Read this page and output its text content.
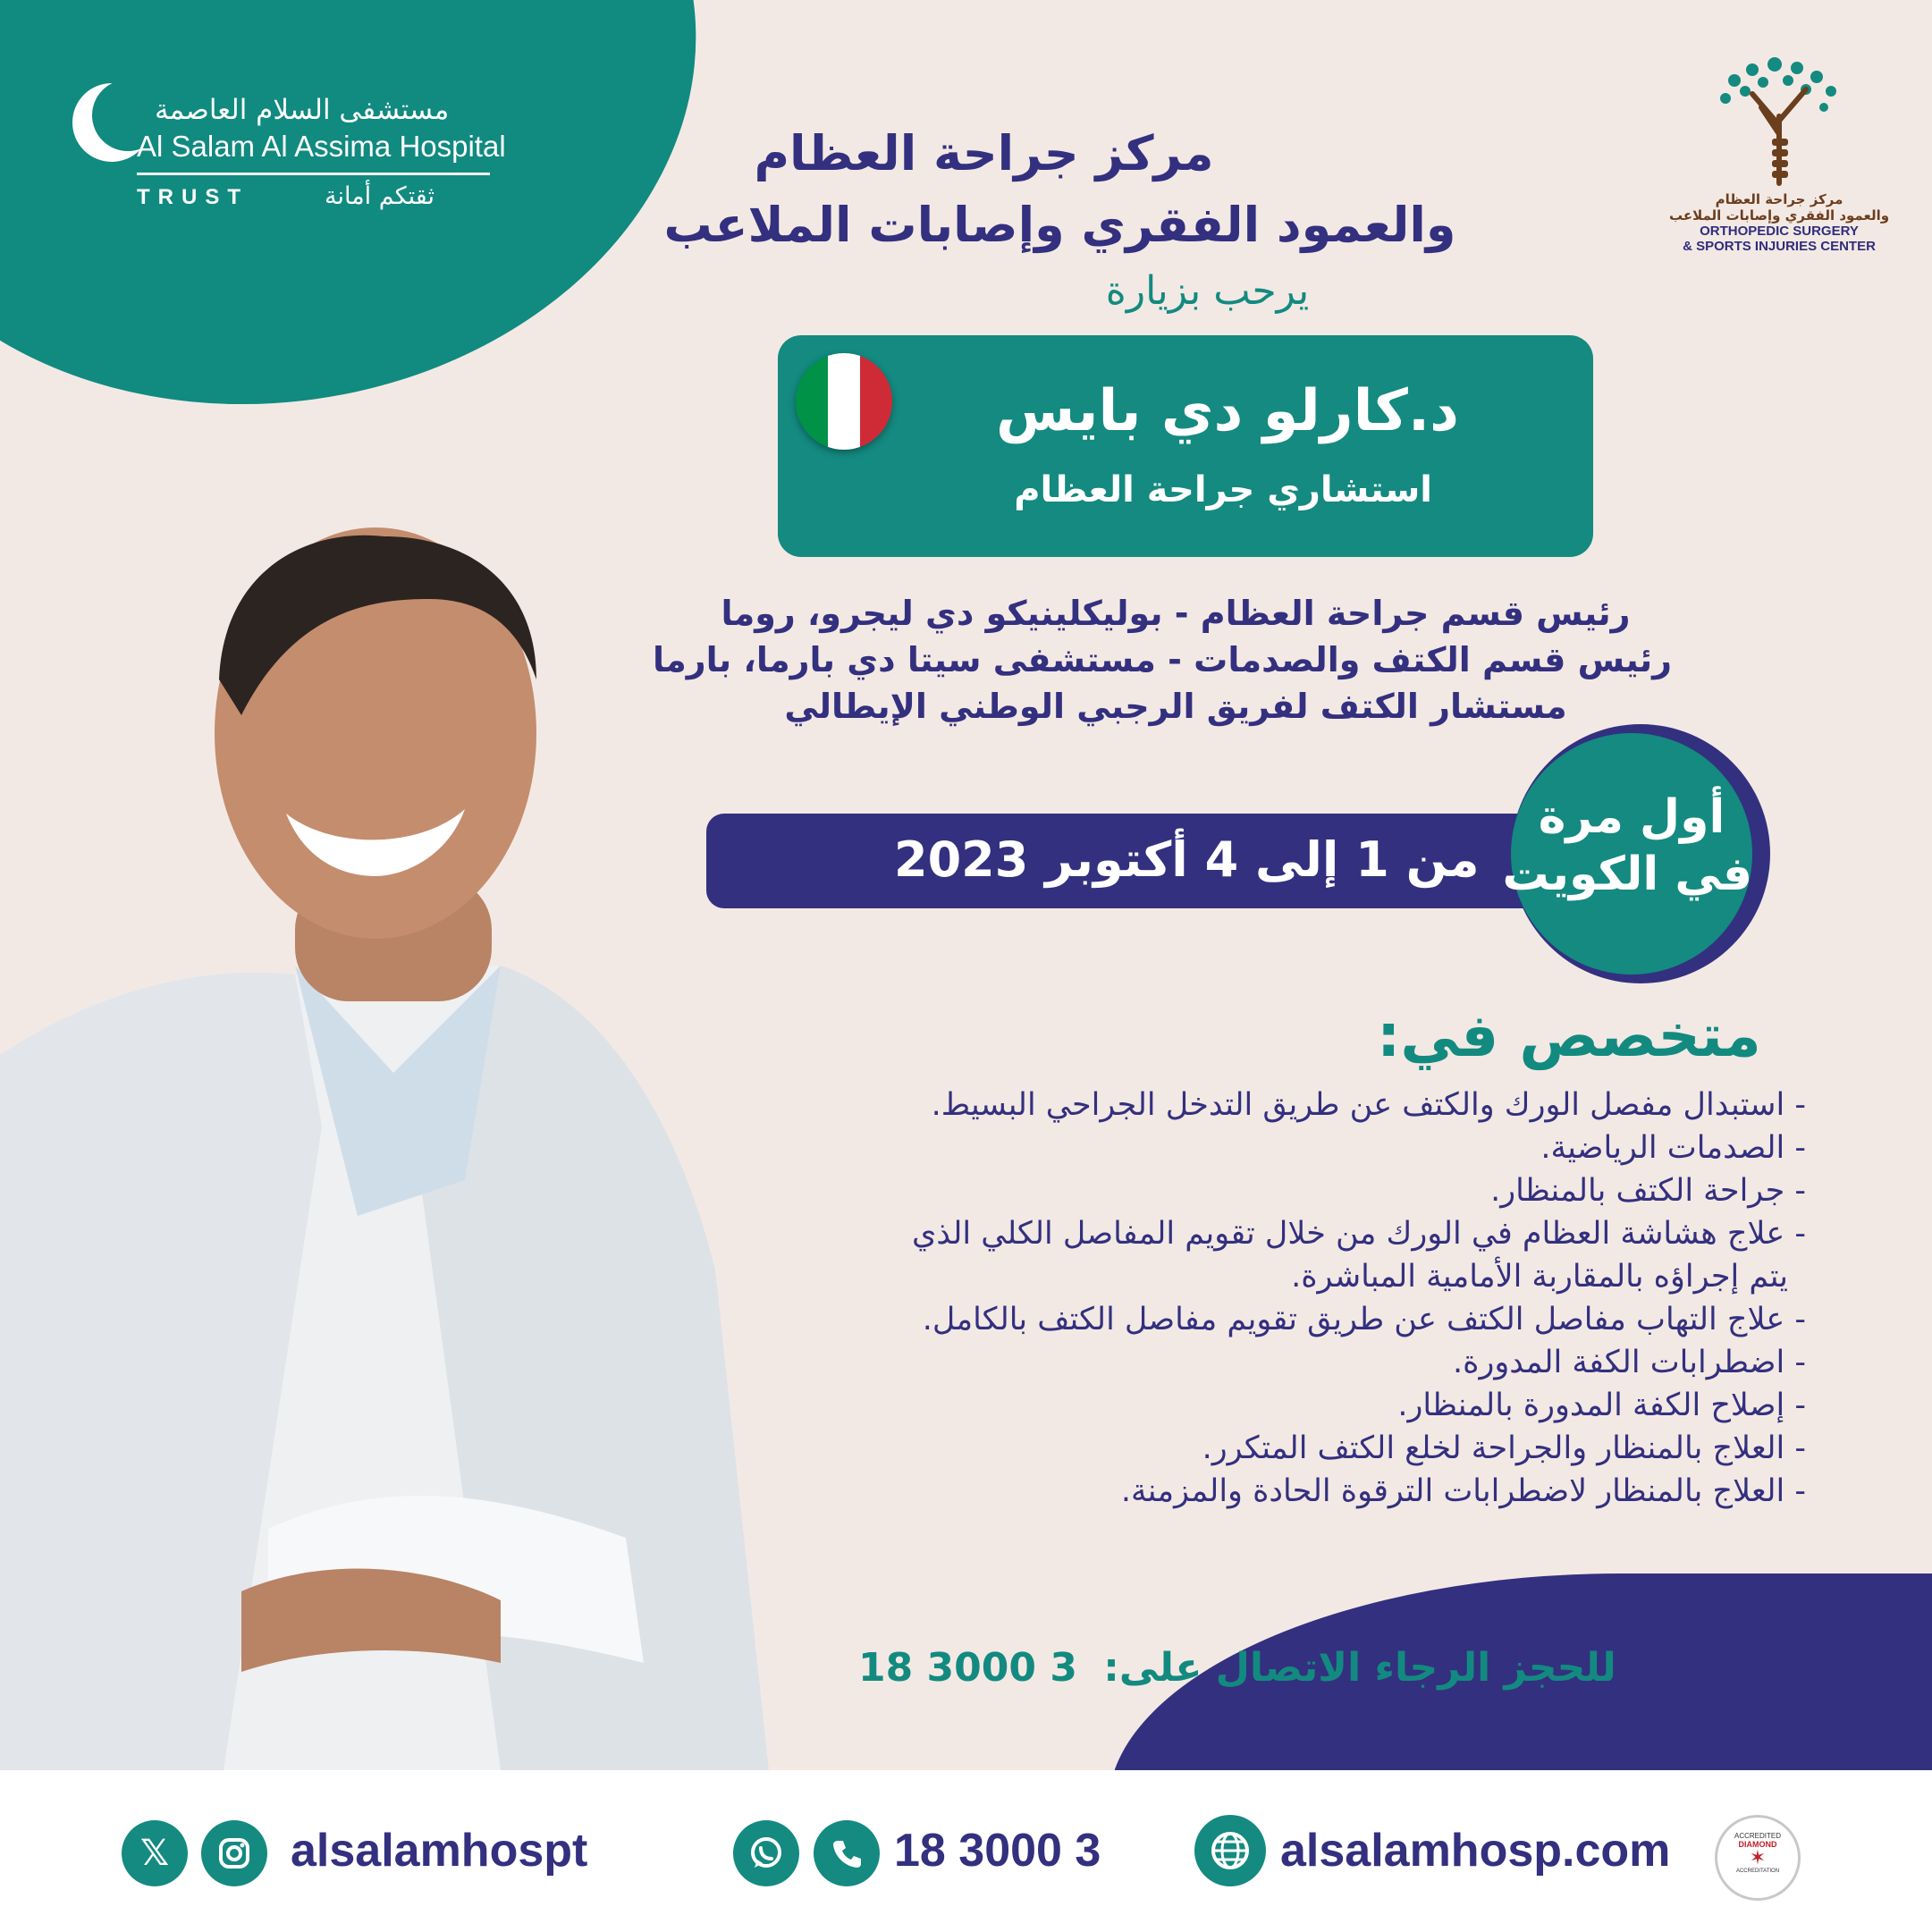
مستشفى السلام العاصمة
Al Salam Al Assima Hospital
TRUST	ثقتكم أمانة	مركز جراحة العظام
والعمود الفقري وإصابات الملاعب
ORTHOPEDIC SURGERY
& SPORTS INJURIES CENTER
مركز جراحة العظام
والعمود الفقري وإصابات الملاعب
يرحب بزيارة
د.كارلو دي بايس
استشاري جراحة العظام
رئيس قسم جراحة العظام - بوليكلينيكو دي ليجرو، روما
رئيس قسم الكتف والصدمات - مستشفى سيتا دي بارما، بارما
مستشار الكتف لفريق الرجبي الوطني الإيطالي
من 1 إلى 4 أكتوبر 2023
أول مرة
في الكويت
متخصص في:
- استبدال مفصل الورك والكتف عن طريق التدخل الجراحي البسيط.
- الصدمات الرياضية.
- جراحة الكتف بالمنظار.
- علاج هشاشة العظام في الورك من خلال تقويم المفاصل الكلي الذي
يتم إجراؤه بالمقاربة الأمامية المباشرة.
- علاج التهاب مفاصل الكتف عن طريق تقويم مفاصل الكتف بالكامل.
- اضطرابات الكفة المدورة.
- إصلاح الكفة المدورة بالمنظار.
- العلاج بالمنظار والجراحة لخلع الكتف المتكرر.
- العلاج بالمنظار لاضطرابات الترقوة الحادة والمزمنة.
للحجز الرجاء الاتصال على: 18 3000 3
𝕏	alsalamhospt	18 3000 3	alsalamhosp.com	ACCREDITED
DIAMOND
✶
ACCREDITATION
